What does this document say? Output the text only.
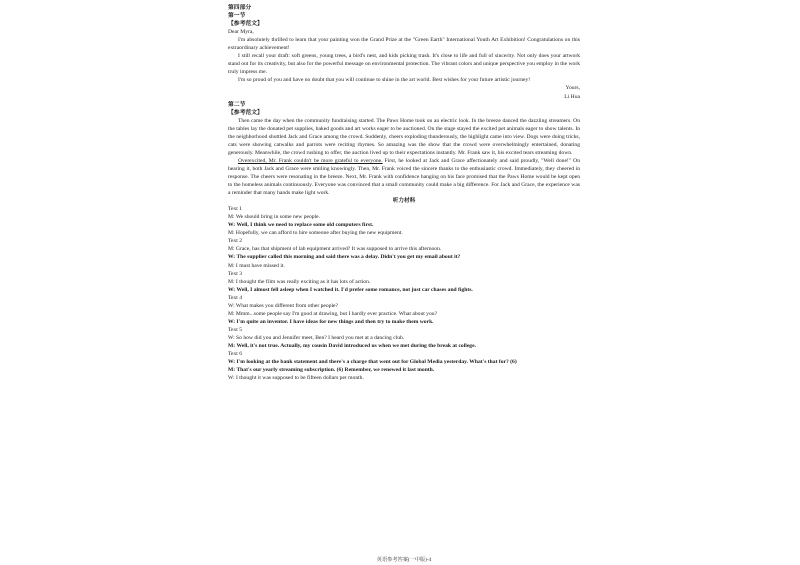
第四部分
第一节
【参考范文】
Dear Myra,
I'm absolutely thrilled to learn that your painting won the Grand Prize at the "Green Earth" International Youth Art Exhibition! Congratulations on this extraordinary achievement!
I still recall your draft: soft greens, young trees, a bird's nest, and kids picking trash. It's close to life and full of sincerity. Not only does your artwork stand out for its creativity, but also for the powerful message on environmental protection. The vibrant colors and unique perspective you employ in the work truly impress me.
I'm so proud of you and have no doubt that you will continue to shine in the art world. Best wishes for your future artistic journey!
Yours,
Li Hua
第二节
【参考范文】
Then came the day when the community fundraising started. The Paws Home took on an electric look. In the breeze danced the dazzling streamers. On the tables lay the donated pet supplies, baked goods and art works eager to be auctioned. On the stage stayed the excited pet animals eager to show talents. In the neighborhood shuttled Jack and Grace among the crowd. Suddenly, cheers exploding thunderously, the highlight came into view. Dogs were doing tricks, cats were showing catwalks and parrots were reciting rhymes. So amazing was the show that the crowd were overwhelmingly entertained, donating generously. Meanwhile, the crowd rushing to offer, the auction lived up to their expectations instantly. Mr. Frank saw it, his excited tears streaming down.
Overexcited, Mr. Frank couldn't be more grateful to everyone. First, he looked at Jack and Grace affectionately and said proudly, "Well done!" On hearing it, both Jack and Grace were smiling knowingly. Then, Mr. Frank voiced the sincere thanks to the enthusiastic crowd. Immediately, they cheered in response. The cheers were resonating in the breeze. Next, Mr. Frank with confidence hanging on his face promised that the Paws Home would be kept open to the homeless animals continuously. Everyone was convinced that a small community could make a big difference. For Jack and Grace, the experience was a reminder that many hands make light work.
听力材料
Text 1
M: We should bring in some new people.
W: Well, I think we need to replace some old computers first.
M: Hopefully, we can afford to hire someone after buying the new equipment.
Text 2
M: Grace, has that shipment of lab equipment arrived? It was supposed to arrive this afternoon.
W: The supplier called this morning and said there was a delay. Didn't you get my email about it?
M: I must have missed it.
Text 3
M: I thought the film was really exciting as it has lots of action.
W: Well, I almost fell asleep when I watched it. I'd prefer some romance, not just car chases and fights.
Text 4
W: What makes you different from other people?
M: Mmm...some people say I'm good at drawing, but I hardly ever practice. What about you?
W: I'm quite an inventor. I have ideas for new things and then try to make them work.
Text 5
W: So how did you and Jennifer meet, Ben? I heard you met at a dancing club.
M: Well, it's not true. Actually, my cousin David introduced us when we met during the break at college.
Text 6
W: I'm looking at the bank statement and there's a charge that went out for Global Media yesterday. What's that for? (6)
M: That's our yearly streaming subscription. (6) Remember, we renewed it last month.
W: I thought it was supposed to be fifteen dollars per month.
英语参考答案(一中版)-4
